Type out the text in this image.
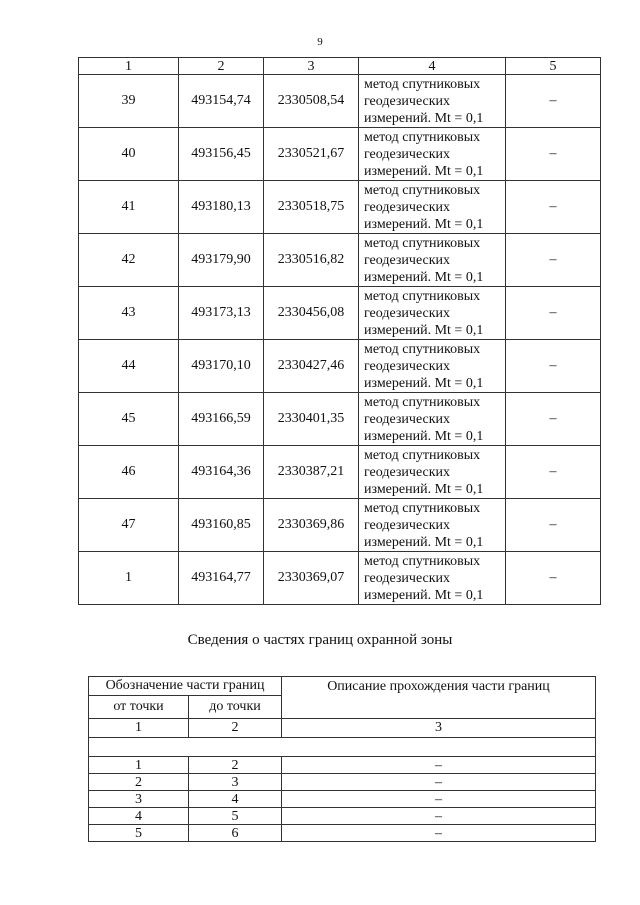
9
1	2	3	4	5
39	493154,74	2330508,54	метод спутниковых
геодезических
измерений. Mt = 0,1	–
40	493156,45	2330521,67	метод спутниковых
геодезических
измерений. Mt = 0,1	–
41	493180,13	2330518,75	метод спутниковых
геодезических
измерений. Mt = 0,1	–
42	493179,90	2330516,82	метод спутниковых
геодезических
измерений. Mt = 0,1	–
43	493173,13	2330456,08	метод спутниковых
геодезических
измерений. Mt = 0,1	–
44	493170,10	2330427,46	метод спутниковых
геодезических
измерений. Mt = 0,1	–
45	493166,59	2330401,35	метод спутниковых
геодезических
измерений. Mt = 0,1	–
46	493164,36	2330387,21	метод спутниковых
геодезических
измерений. Mt = 0,1	–
47	493160,85	2330369,86	метод спутниковых
геодезических
измерений. Mt = 0,1	–
1	493164,77	2330369,07	метод спутниковых
геодезических
измерений. Mt = 0,1	–
Сведения о частях границ охранной зоны
Обозначение части границ		Описание прохождения части границ
от точки	до точки	
1	2	3

1	2	–
2	3	–
3	4	–
4	5	–
5	6	–
